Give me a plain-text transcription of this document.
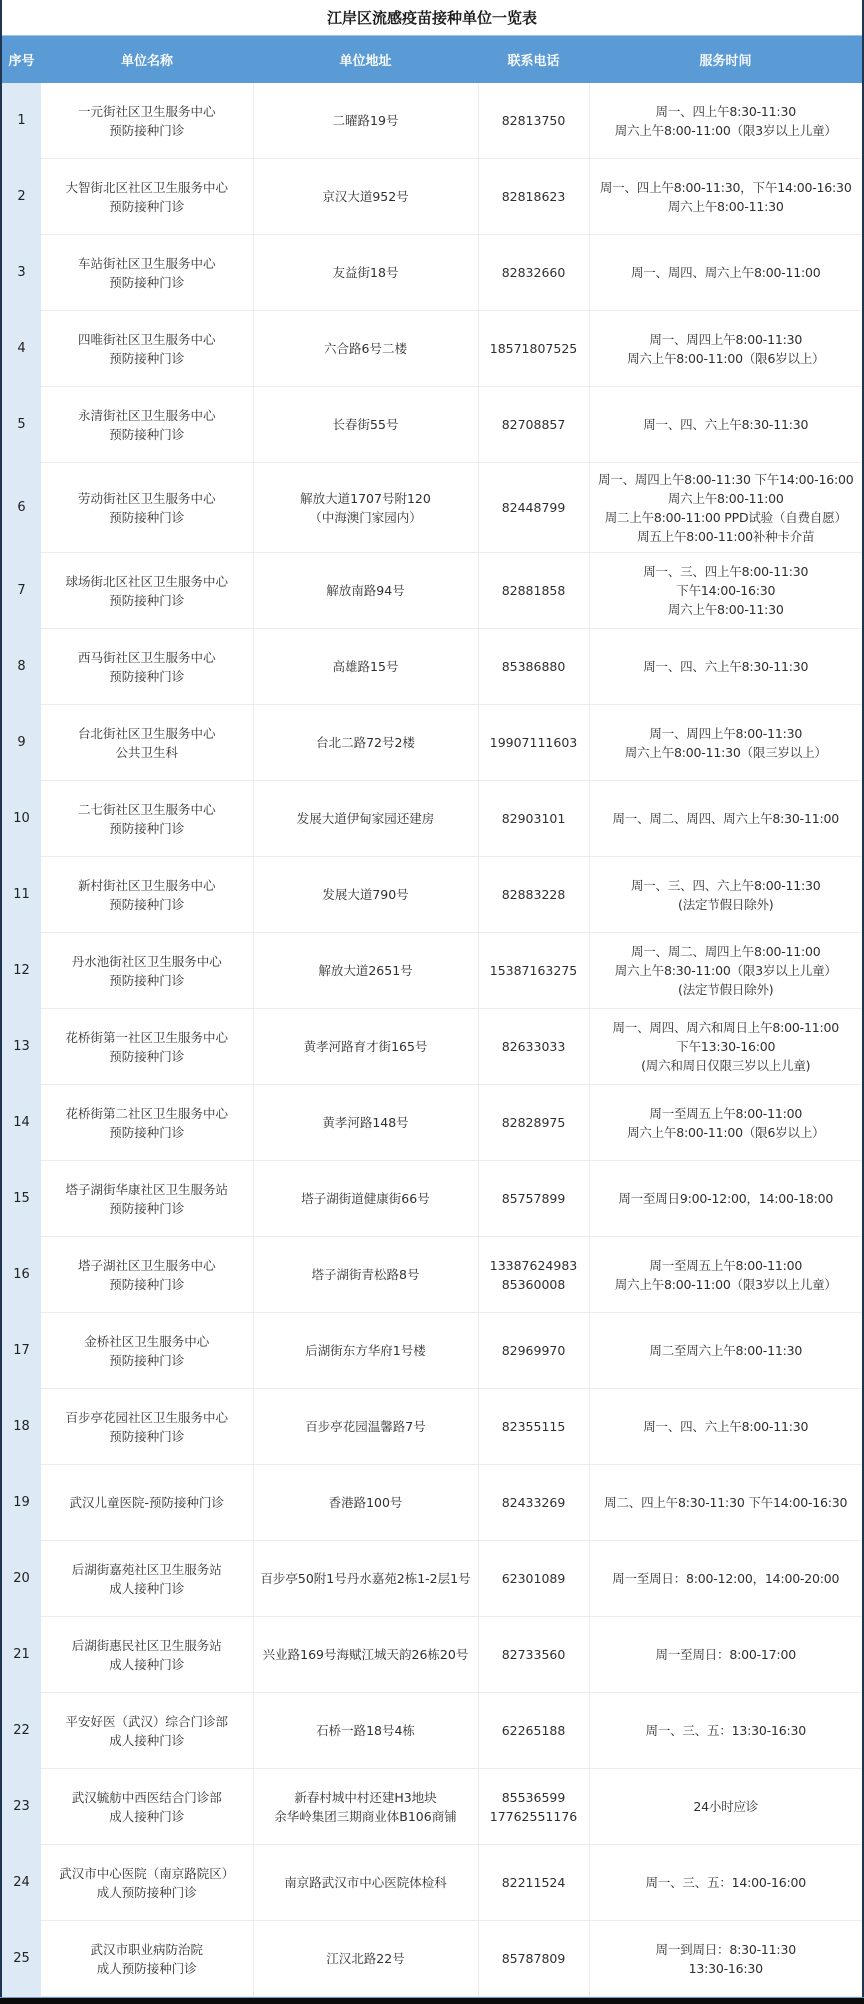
江岸区流感疫苗接种单位一览表
序号	单位名称	单位地址	联系电话	服务时间
1	一元街社区卫生服务中心
预防接种门诊	二曜路19号	82813750	周一、四上午8:30-11:30
周六上午8:00-11:00（限3岁以上儿童）

2	大智街北区社区卫生服务中心
预防接种门诊	京汉大道952号	82818623	周一、四上午8:00-11:30，下午14:00-16:30
周六上午8:00-11:30

3	车站街社区卫生服务中心
预防接种门诊	友益街18号	82832660	周一、周四、周六上午8:00-11:00

4	四唯街社区卫生服务中心
预防接种门诊	六合路6号二楼	18571807525	周一、周四上午8:00-11:30
周六上午8:00-11:00（限6岁以上）

5	永清街社区卫生服务中心
预防接种门诊	长春街55号	82708857	周一、四、六上午8:30-11:30

6	劳动街社区卫生服务中心
预防接种门诊	解放大道1707号附120
（中海澳门家园内）	82448799	周一、周四上午8:00-11:30 下午14:00-16:00
周六上午8:00-11:00
周二上午8:00-11:00 PPD试验（自费自愿）
周五上午8:00-11:00补种卡介苗

7	球场街北区社区卫生服务中心
预防接种门诊	解放南路94号	82881858	周一、三、四上午8:00-11:30
下午14:00-16:30
周六上午8:00-11:30

8	西马街社区卫生服务中心
预防接种门诊	高雄路15号	85386880	周一、四、六上午8:30-11:30

9	台北街社区卫生服务中心
公共卫生科	台北二路72号2楼	19907111603	周一、周四上午8:00-11:30
周六上午8:00-11:30（限三岁以上）

10	二七街社区卫生服务中心
预防接种门诊	发展大道伊甸家园还建房	82903101	周一、周二、周四、周六上午8:30-11:00

11	新村街社区卫生服务中心
预防接种门诊	发展大道790号	82883228	周一、三、四、六上午8:00-11:30
(法定节假日除外)

12	丹水池街社区卫生服务中心
预防接种门诊	解放大道2651号	15387163275	周一、周二、周四上午8:00-11:00
周六上午8:30-11:00（限3岁以上儿童）
(法定节假日除外)

13	花桥街第一社区卫生服务中心
预防接种门诊	黄孝河路育才街165号	82633033	周一、周四、周六和周日上午8:00-11:00
下午13:30-16:00
(周六和周日仅限三岁以上儿童)

14	花桥街第二社区卫生服务中心
预防接种门诊	黄孝河路148号	82828975	周一至周五上午8:00-11:00
周六上午8:00-11:00（限6岁以上）

15	塔子湖街华康社区卫生服务站
预防接种门诊	塔子湖街道健康街66号	85757899	周一至周日9:00-12:00，14:00-18:00

16	塔子湖社区卫生服务中心
预防接种门诊	塔子湖街青松路8号	13387624983
85360008	周一至周五上午8:00-11:00
周六上午8:00-11:00（限3岁以上儿童）

17	金桥社区卫生服务中心
预防接种门诊	后湖街东方华府1号楼	82969970	周二至周六上午8:00-11:30

18	百步亭花园社区卫生服务中心
预防接种门诊	百步亭花园温馨路7号	82355115	周一、四、六上午8:00-11:30

19	武汉儿童医院-预防接种门诊	香港路100号	82433269	周二、四上午8:30-11:30 下午14:00-16:30

20	后湖街嘉苑社区卫生服务站
成人接种门诊	百步亭50附1号丹水嘉苑2栋1-2层1号	62301089	周一至周日：8:00-12:00，14:00-20:00

21	后湖街惠民社区卫生服务站
成人接种门诊	兴业路169号海赋江城天韵26栋20号	82733560	周一至周日：8:00-17:00

22	平安好医（武汉）综合门诊部
成人接种门诊	石桥一路18号4栋	62265188	周一、三、五：13:30-16:30

23	武汉毓舫中西医结合门诊部
成人接种门诊	新春村城中村还建H3地块
余华岭集团三期商业体B106商铺	85536599
17762551176	24小时应诊

24	武汉市中心医院（南京路院区）
成人预防接种门诊	南京路武汉市中心医院体检科	82211524	周一、三、五：14:00-16:00

25	武汉市职业病防治院
成人预防接种门诊	江汉北路22号	85787809	周一到周日：8:30-11:30
13:30-16:30
